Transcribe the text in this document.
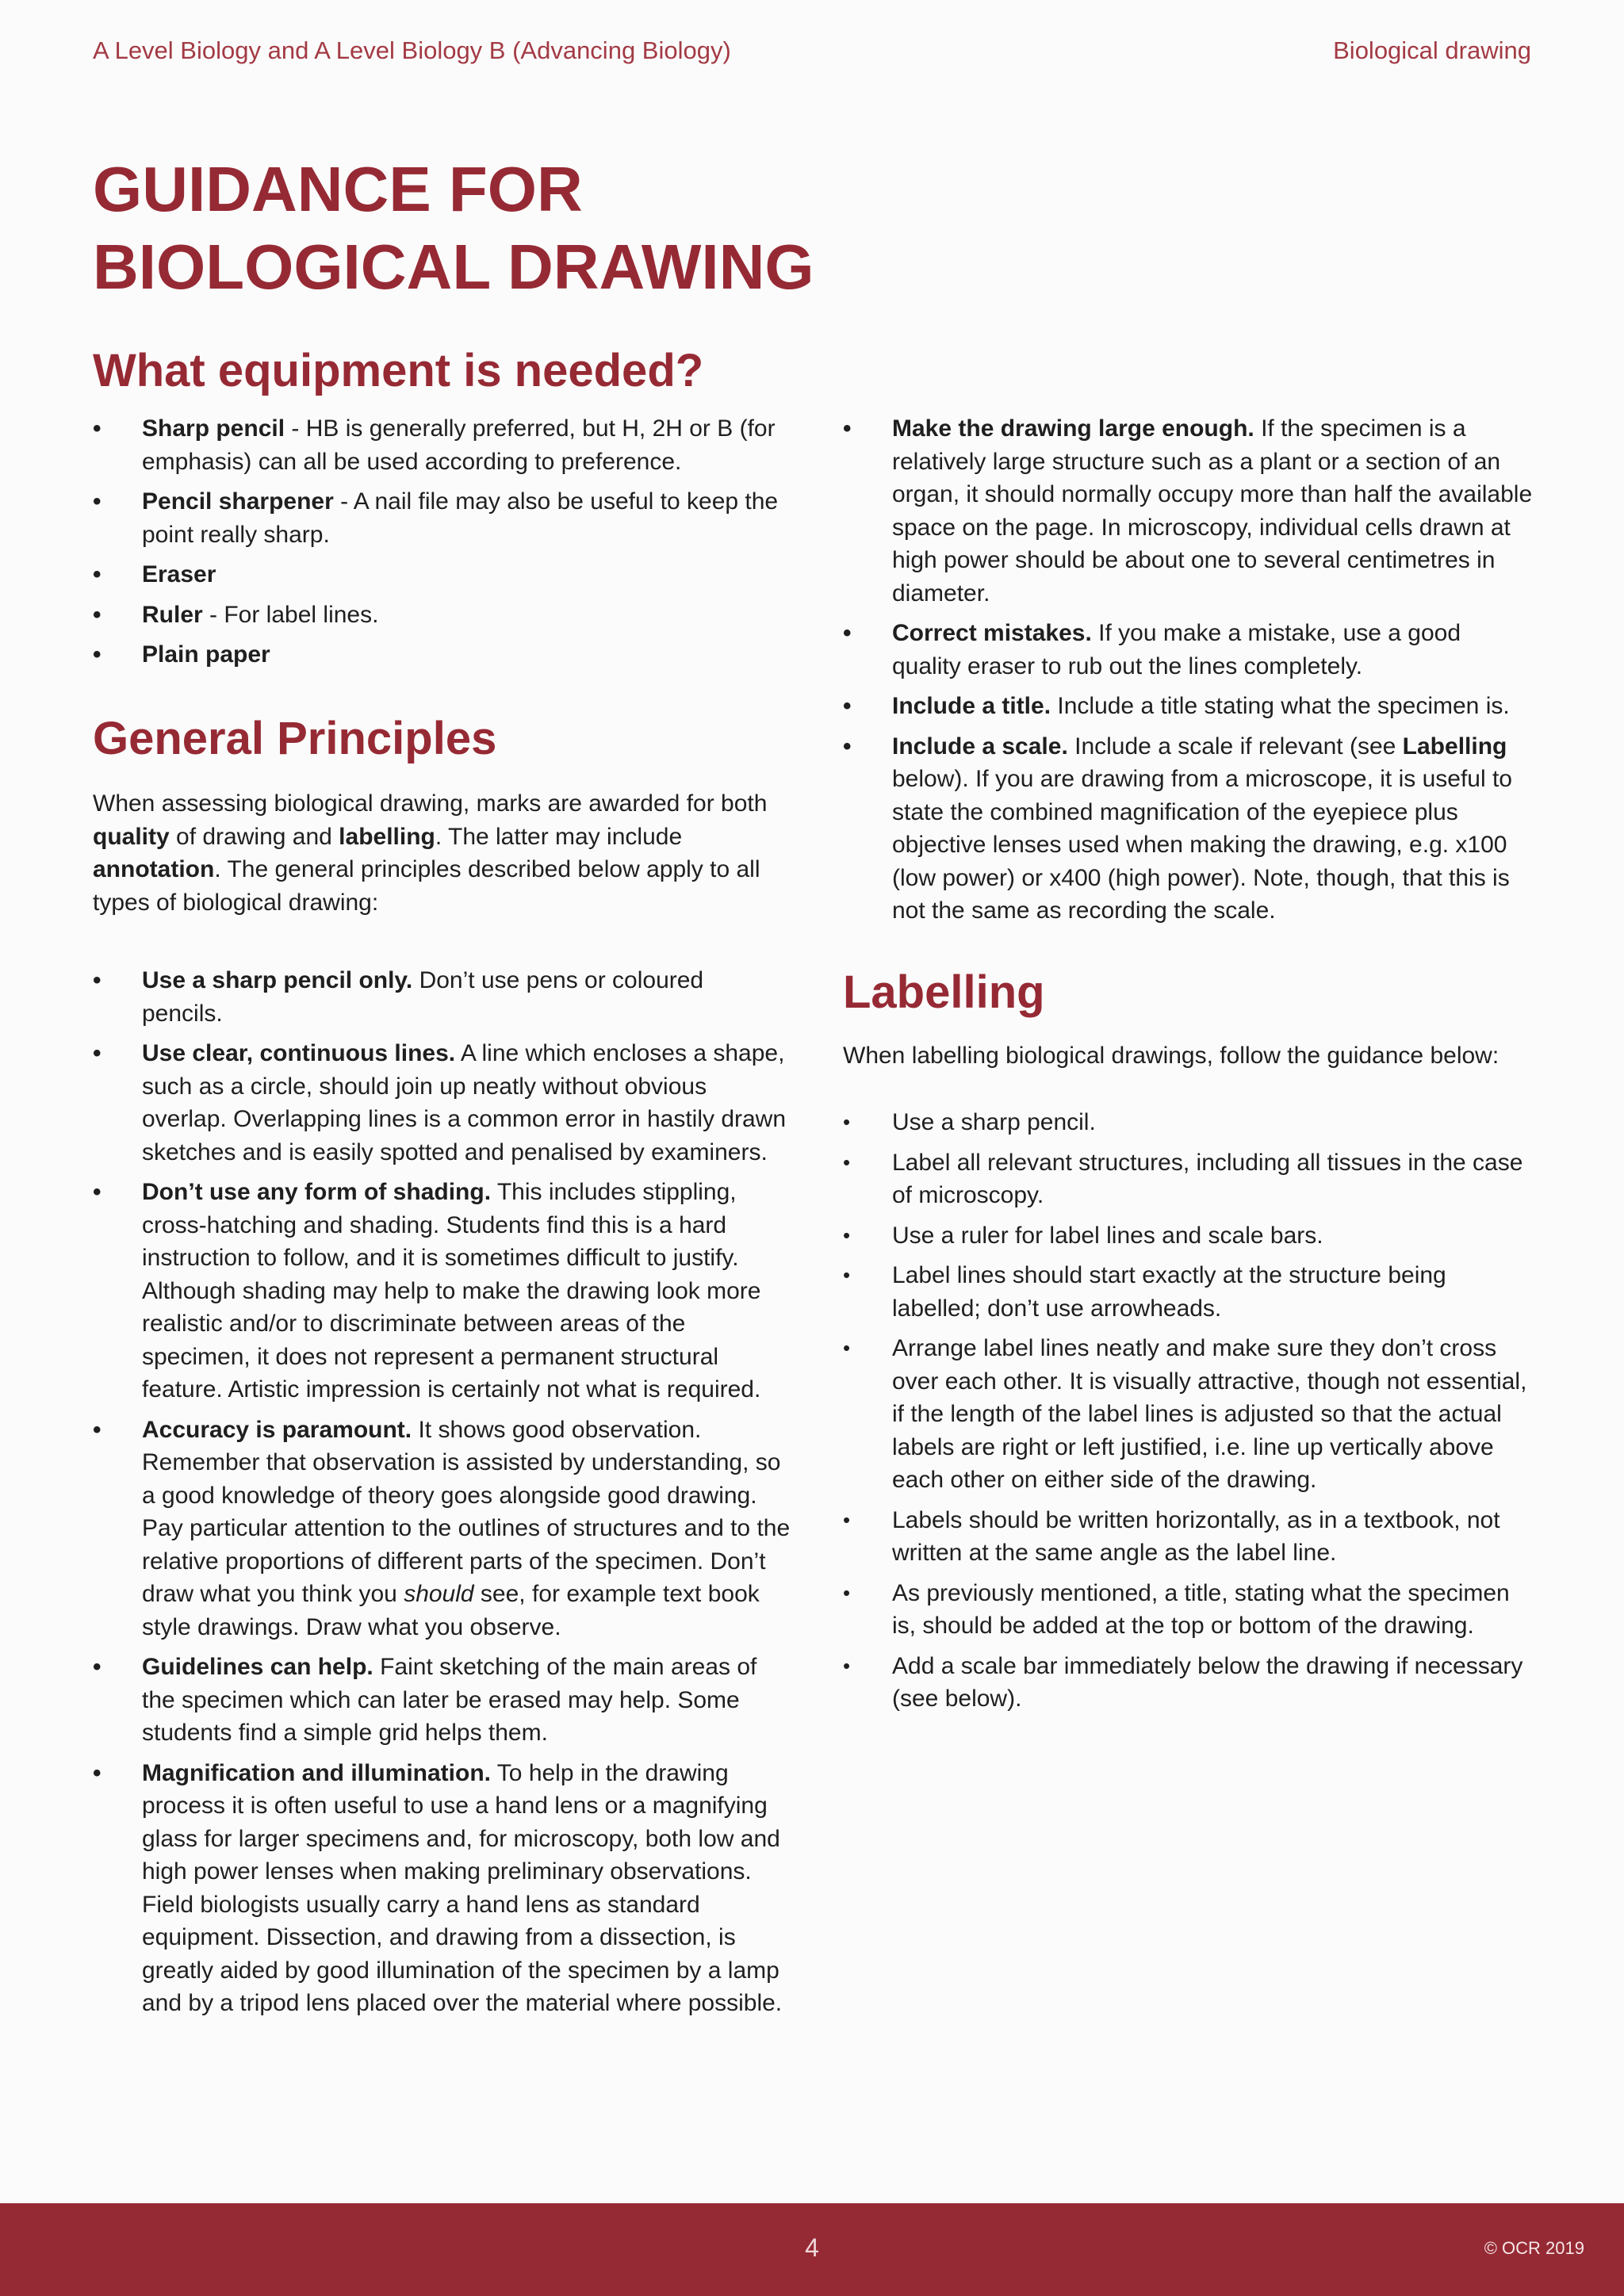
A Level Biology and A Level Biology B (Advancing Biology)	Biological drawing
GUIDANCE FOR
BIOLOGICAL DRAWING
What equipment is needed?
• Sharp pencil - HB is generally preferred, but H, 2H or B (for emphasis) can all be used according to preference.
• Pencil sharpener - A nail file may also be useful to keep the point really sharp.
• Eraser
• Ruler - For label lines.
• Plain paper
General Principles

When assessing biological drawing, marks are awarded for both quality of drawing and labelling. The latter may include annotation. The general principles described below apply to all types of biological drawing:

• Use a sharp pencil only. Don’t use pens or coloured pencils.
• Use clear, continuous lines. A line which encloses a shape, such as a circle, should join up neatly without obvious overlap. Overlapping lines is a common error in hastily drawn sketches and is easily spotted and penalised by examiners.
• Don’t use any form of shading. This includes stippling, cross-hatching and shading. Students find this is a hard instruction to follow, and it is sometimes difficult to justify. Although shading may help to make the drawing look more realistic and/or to discriminate between areas of the specimen, it does not represent a permanent structural feature. Artistic impression is certainly not what is required.
• Accuracy is paramount. It shows good observation. Remember that observation is assisted by understanding, so a good knowledge of theory goes alongside good drawing. Pay particular attention to the outlines of structures and to the relative proportions of different parts of the specimen. Don’t draw what you think you should see, for example text book style drawings. Draw what you observe.
• Guidelines can help. Faint sketching of the main areas of the specimen which can later be erased may help. Some students find a simple grid helps them.
• Magnification and illumination. To help in the drawing process it is often useful to use a hand lens or a magnifying glass for larger specimens and, for microscopy, both low and high power lenses when making preliminary observations. Field biologists usually carry a hand lens as standard equipment. Dissection, and drawing from a dissection, is greatly aided by good illumination of the specimen by a lamp and by a tripod lens placed over the material where possible.
• Make the drawing large enough. If the specimen is a relatively large structure such as a plant or a section of an organ, it should normally occupy more than half the available space on the page. In microscopy, individual cells drawn at high power should be about one to several centimetres in diameter.
• Correct mistakes. If you make a mistake, use a good quality eraser to rub out the lines completely.
• Include a title. Include a title stating what the specimen is.
• Include a scale. Include a scale if relevant (see Labelling below). If you are drawing from a microscope, it is useful to state the combined magnification of the eyepiece plus objective lenses used when making the drawing, e.g. x100 (low power) or x400 (high power). Note, though, that this is not the same as recording the scale.
Labelling

When labelling biological drawings, follow the guidance below:

• Use a sharp pencil.
• Label all relevant structures, including all tissues in the case of microscopy.
• Use a ruler for label lines and scale bars.
• Label lines should start exactly at the structure being labelled; don’t use arrowheads.
• Arrange label lines neatly and make sure they don’t cross over each other. It is visually attractive, though not essential, if the length of the label lines is adjusted so that the actual labels are right or left justified, i.e. line up vertically above each other on either side of the drawing.
• Labels should be written horizontally, as in a textbook, not written at the same angle as the label line.
• As previously mentioned, a title, stating what the specimen is, should be added at the top or bottom of the drawing.
• Add a scale bar immediately below the drawing if necessary (see below).
4	© OCR 2019
